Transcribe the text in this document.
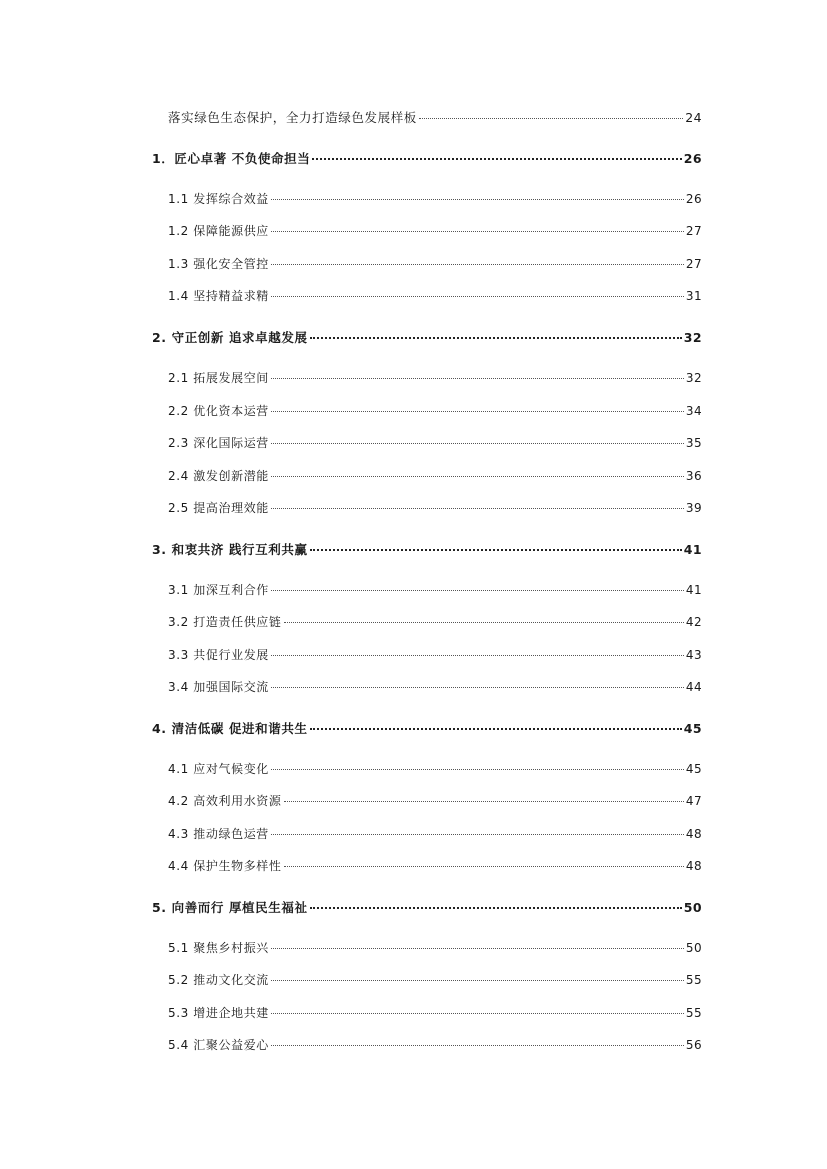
落实绿色生态保护，全力打造绿色发展样板	24
1．匠心卓著 不负使命担当	26
1.1 发挥综合效益	26
1.2 保障能源供应	27
1.3 强化安全管控	27
1.4 坚持精益求精	31
2. 守正创新 追求卓越发展	32
2.1 拓展发展空间	32
2.2 优化资本运营	34
2.3 深化国际运营	35
2.4 激发创新潜能	36
2.5 提高治理效能	39
3. 和衷共济 践行互利共赢	41
3.1 加深互利合作	41
3.2 打造责任供应链	42
3.3 共促行业发展	43
3.4 加强国际交流	44
4. 清洁低碳 促进和谐共生	45
4.1 应对气候变化	45
4.2 高效利用水资源	47
4.3 推动绿色运营	48
4.4 保护生物多样性	48
5. 向善而行 厚植民生福祉	50
5.1 聚焦乡村振兴	50
5.2 推动文化交流	55
5.3 增进企地共建	55
5.4 汇聚公益爱心	56
